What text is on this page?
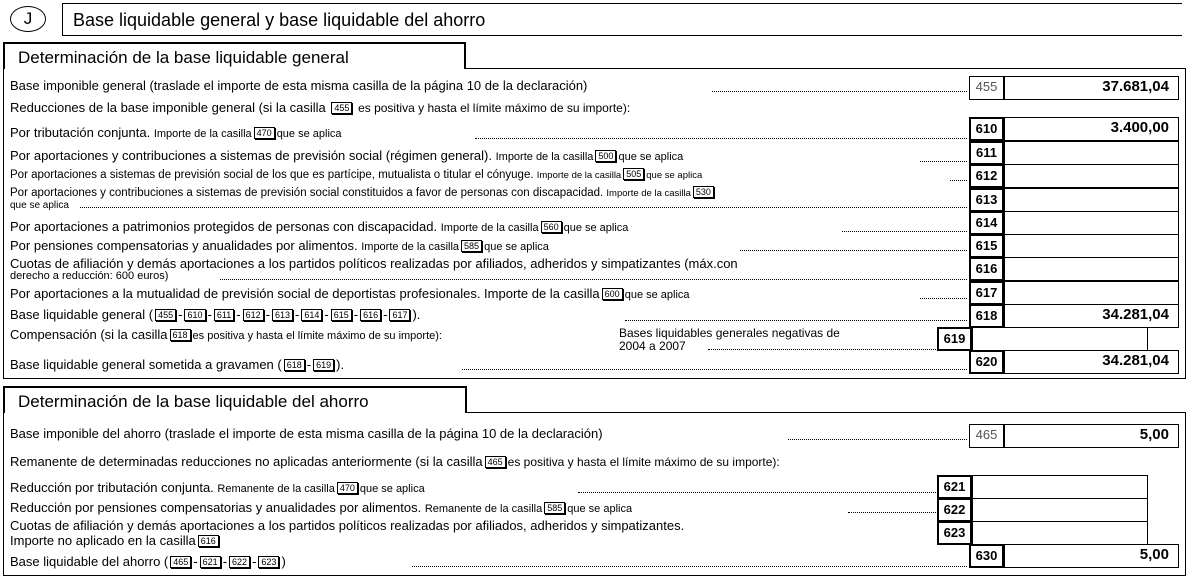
J	Base liquidable general y base liquidable del ahorro
Determinación de la base liquidable general
Base imponible general (traslade el importe de esta misma casilla de la página 10 de la declaración)	455	37.681,04
Reducciones de la base imponible general (si la casilla 455 es positiva y hasta el límite máximo de su importe):
Por tributación conjunta. Importe de la casilla 470 que se aplica	610	3.400,00
Por aportaciones y contribuciones a sistemas de previsión social (régimen general). Importe de la casilla 500 que se aplica	611
Por aportaciones a sistemas de previsión social de los que es partícipe, mutualista o titular el cónyuge. Importe de la casilla 505 que se aplica	612
Por aportaciones y contribuciones a sistemas de previsión social constituidos a favor de personas con discapacidad. Importe de la casilla 530
que se aplica	613
Por aportaciones a patrimonios protegidos de personas con discapacidad. Importe de la casilla 560 que se aplica	614
Por pensiones compensatorias y anualidades por alimentos. Importe de la casilla 585 que se aplica	615
Cuotas de afiliación y demás aportaciones a los partidos políticos realizadas por afiliados, adheridos y simpatizantes (máx.con
derecho a reducción: 600 euros)	616
Por aportaciones a la mutualidad de previsión social de deportistas profesionales. Importe de la casilla 600 que se aplica	617
Base liquidable general ( 455 - 610 - 611 - 612 - 613 - 614 - 615 - 616 - 617 ).	618	34.281,04
Compensación (si la casilla 618 es positiva y hasta el límite máximo de su importe):	Bases liquidables generales negativas de
2004 a 2007	619
Base liquidable general sometida a gravamen ( 618 - 619 ).	620	34.281,04
Determinación de la base liquidable del ahorro
Base imponible del ahorro (traslade el importe de esta misma casilla de la página 10 de la declaración)	465	5,00
Remanente de determinadas reducciones no aplicadas anteriormente (si la casilla 465 es positiva y hasta el límite máximo de su importe):
Reducción por tributación conjunta. Remanente de la casilla 470 que se aplica	621
Reducción por pensiones compensatorias y anualidades por alimentos. Remanente de la casilla 585 que se aplica	622
Cuotas de afiliación y demás aportaciones a los partidos políticos realizadas por afiliados, adheridos y simpatizantes.
Importe no aplicado en la casilla 616
623
Base liquidable del ahorro ( 465 - 621 - 622 - 623 )	630	5,00
